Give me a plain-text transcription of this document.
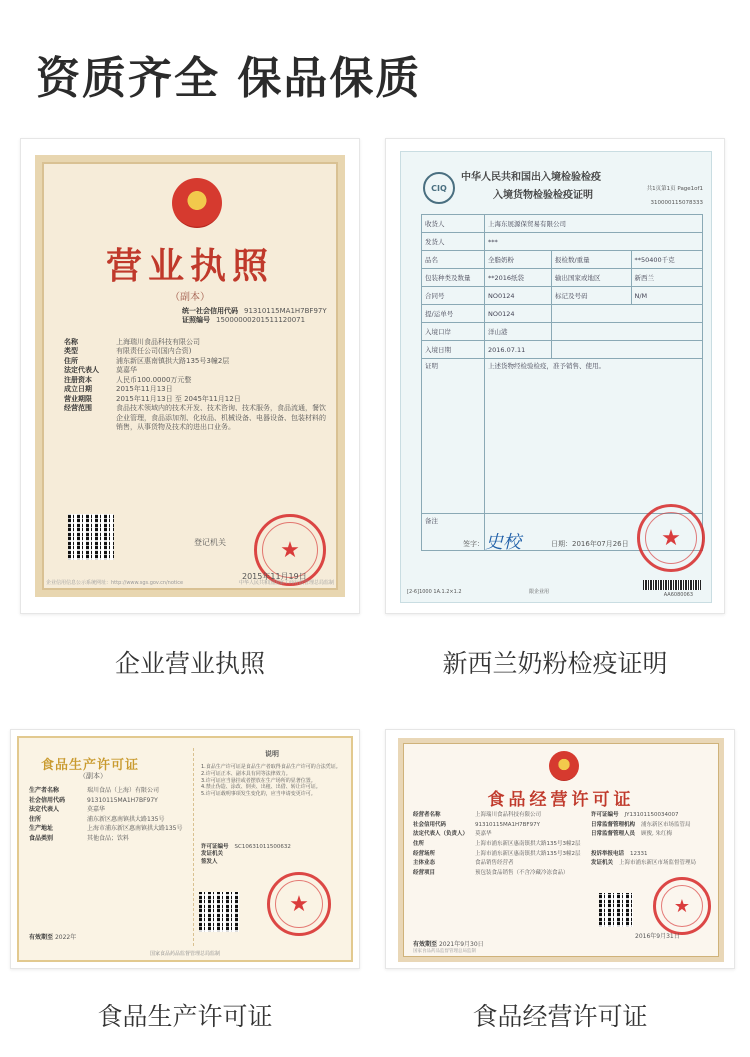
资质齐全 保品保质
营业执照
（副本）
统一社会信用代码 91310115MA1H7BF97Y
证照编号 15000000201511120071
名称	上海瑞川食品科技有限公司
类型	有限责任公司(国内合资)
住所	浦东新区惠南镇拱大路135号3幢2层
法定代表人	莫嘉华
注册资本	人民币100.0000万元整
成立日期	2015年11月13日
营业期限	2015年11月13日 至 2045年11月12日
经营范围	食品技术领域内的技术开发、技术咨询、技术服务，食品流通，餐饮企业管理，食品添加剂、化妆品、机械设备、电器设备、包装材料的销售，从事货物及技术的进出口业务。
登记机关	★
2015年11月19日
企业信用信息公示系统网址：http://www.sgs.gov.cn/notice	中华人民共和国国家工商行政管理总局监制
企业营业执照
CIQ
中华人民共和国出入境检验检疫
入境货物检验检疫证明
共1页第1页 Page1of1
310000115078333
收货人	上海东展源保贸易有限公司		
发货人	***		
品名	全脂奶粉	报检数/重量	**50400千克
包装种类及数量	**2016纸袋	输出国家或地区	新西兰
合同号	NO0124	标记及号码	N/M
提/运单号	NO0124		
入境口岸	洋山港		
入境日期	2016.07.11		
证明	上述货物经检验检疫，准予销售、使用。		
备注			
签字： 史校	日期：2016年07月26日	★
[2-6]1000 1A.1.2×1.2	限企业用	AA6080063
新西兰奶粉检疫证明
食品生产许可证
（副本）
生产者名称	瑞川食品（上海）有限公司
社会信用代码	91310115MA1H7BF97Y
法定代表人	莫嘉华
住所	浦东新区惠南镇拱大路135号
生产地址	上海市浦东新区惠南镇拱大路135号
食品类别	其他食品；饮料
有效期至 2022年
说明
1.食品生产许可证是食品生产者取得食品生产许可的合法凭证。
2.许可证正本、副本具有同等法律效力。
3.许可证应当悬挂或者摆放在生产场所的显著位置。
4.禁止伪造、涂改、倒卖、出租、出借、转让许可证。
5.许可证载明事项发生变化的，应当申请变更许可。
许可证编号 SC10631011500632
发证机关
签发人
★
国家食品药品监督管理总局监制
食品生产许可证
食品经营许可证
经营者名称	上海瑞川食品科技有限公司	许可证编号 JY13101150034007
社会信用代码	91310115MA1H7BF97Y	日常监督管理机构 浦东新区市场监管局
法定代表人（负责人） 莫嘉华	日常监督管理人员 顾俊, 朱红梅
住所	上海市浦东新区惠南镇拱大路135号3幢2层
经营场所	上海市浦东新区惠南镇拱大路135号3幢2层	投诉举报电话 12331
主体业态	食品销售经营者	发证机关 上海市浦东新区市场监督管理局
经营项目	预包装食品销售（不含冷藏冷冻食品）
★
2016年9月31日
有效期至 2021年9月30日
国家食品药品监督管理总局监制
食品经营许可证
